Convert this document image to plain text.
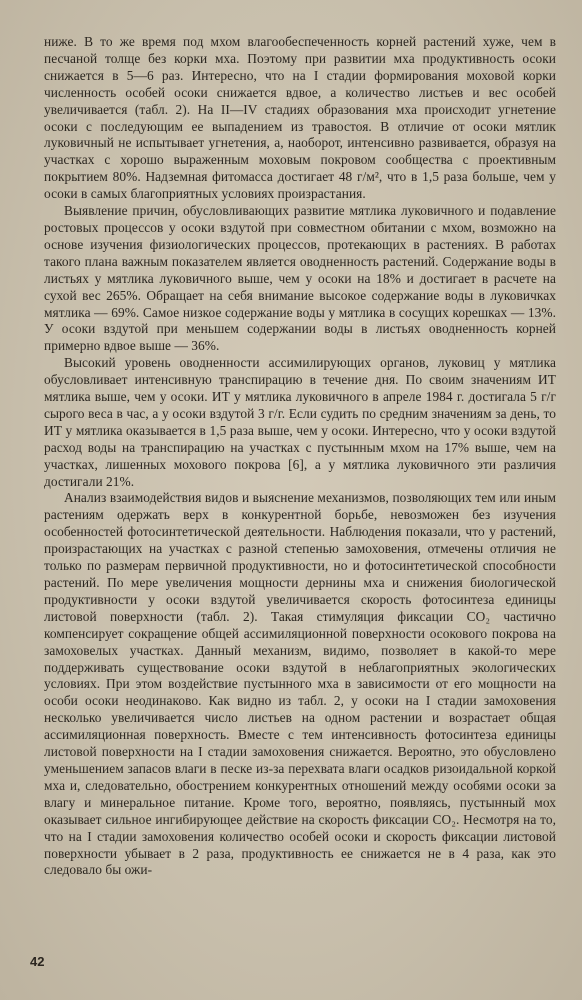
ниже. В то же время под мхом влагообеспеченность корней растений хуже, чем в песчаной толще без корки мха. Поэтому при развитии мха продуктивность осоки снижается в 5—6 раз. Интересно, что на I стадии формирования моховой корки численность особей осоки снижается вдвое, а количество листьев и вес особей увеличивается (табл. 2). На II—IV стадиях образования мха происходит угнетение осоки с последующим ее выпадением из травостоя. В отличие от осоки мятлик луковичный не испытывает угнетения, а, наоборот, интенсивно развивается, образуя на участках с хорошо выраженным моховым покровом сообщества с проективным покрытием 80%. Надземная фитомасса достигает 48 г/м², что в 1,5 раза больше, чем у осоки в самых благоприятных условиях произрастания.

Выявление причин, обусловливающих развитие мятлика луковичного и подавление ростовых процессов у осоки вздутой при совместном обитании с мхом, возможно на основе изучения физиологических процессов, протекающих в растениях. В работах такого плана важным показателем является оводненность растений. Содержание воды в листьях у мятлика луковичного выше, чем у осоки на 18% и достигает в расчете на сухой вес 265%. Обращает на себя внимание высокое содержание воды в луковичках мятлика — 69%. Самое низкое содержание воды у мятлика в сосущих корешках — 13%. У осоки вздутой при меньшем содержании воды в листьях оводненность корней примерно вдвое выше — 36%.

Высокий уровень оводненности ассимилирующих органов, луковиц у мятлика обусловливает интенсивную транспирацию в течение дня. По своим значениям ИТ мятлика выше, чем у осоки. ИТ у мятлика луковичного в апреле 1984 г. достигала 5 г/г сырого веса в час, а у осоки вздутой 3 г/г. Если судить по средним значениям за день, то ИТ у мятлика оказывается в 1,5 раза выше, чем у осоки. Интересно, что у осоки вздутой расход воды на транспирацию на участках с пустынным мхом на 17% выше, чем на участках, лишенных мохового покрова [6], а у мятлика луковичного эти различия достигали 21%.

Анализ взаимодействия видов и выяснение механизмов, позволяющих тем или иным растениям одержать верх в конкурентной борьбе, невозможен без изучения особенностей фотосинтетической деятельности. Наблюдения показали, что у растений, произрастающих на участках с разной степенью замоховения, отмечены отличия не только по размерам первичной продуктивности, но и фотосинтетической способности растений. По мере увеличения мощности дернины мха и снижения биологической продуктивности у осоки вздутой увеличивается скорость фотосинтеза единицы листовой поверхности (табл. 2). Такая стимуляция фиксации CO₂ частично компенсирует сокращение общей ассимиляционной поверхности осокового покрова на замоховелых участках. Данный механизм, видимо, позволяет в какой-то мере поддерживать существование осоки вздутой в неблагоприятных экологических условиях. При этом воздействие пустынного мха в зависимости от его мощности на особи осоки неодинаково. Как видно из табл. 2, у осоки на I стадии замоховения несколько увеличивается число листьев на одном растении и возрастает общая ассимиляционная поверхность. Вместе с тем интенсивность фотосинтеза единицы листовой поверхности на I стадии замоховения снижается. Вероятно, это обусловлено уменьшением запасов влаги в песке из-за перехвата влаги осадков ризоидальной коркой мха и, следовательно, обострением конкурентных отношений между особями осоки за влагу и минеральное питание. Кроме того, вероятно, появляясь, пустынный мох оказывает сильное ингибирующее действие на скорость фиксации CO₂. Несмотря на то, что на I стадии замоховения количество особей осоки и скорость фиксации листовой поверхности убывает в 2 раза, продуктивность ее снижается не в 4 раза, как это следовало бы ожи-

42
